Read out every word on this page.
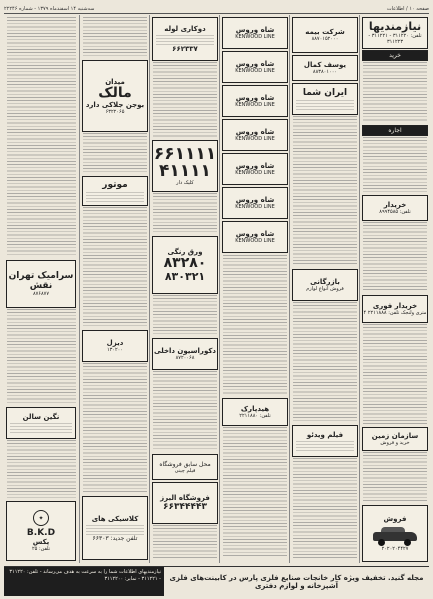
سه‌شنبه ۱۴ اسفندماه ۱۳۷۹ - شماره ۲۲۲۴۶	صفحه ۱۰ / اطلاعات
نیازمندیها
تلفن: ۳۱۱۲۲۰ - ۳۱۱۲۲۱ - ۳۱۱۲۲۳
خرید
اجاره
خریدار
تلفن: ۸۹۹۴۵۸۵
خریدار فوری
۴ متری ولنجک تلفن: ۲۲۱۱۸۸۸
سازمان زمین
خرید و فروش
فروش
۲۰۲۰۲۰۴۴۲۷
شرکت بیمه
۸۸۷۰۱۵۲۰۰۰
یوسف کمال
۸۸۳۸۰۱۰۰۰
ایران شما
بازرگانی
فروش انواع لوازم
فیلم ویدئو
شاه وروس
KENWOOD LINE
شاه وروس
KENWOOD LINE
شاه وروس
KENWOOD LINE
شاه وروس
KENWOOD LINE
شاه وروس
KENWOOD LINE
شاه وروس
KENWOOD LINE
شاه وروس
KENWOOD LINE
هیدپارک
تلفن: ۲۲۱۱۸۸۰
دوکاری لوله
۶۶۲۳۳۷
۶۶۱۱۱۱
۴۱۱۱۱
کلیک دار
ورق رنگی
۸۳۲۸۰
۸۳۰۳۲۱
دکوراسیون داخلی
۸۷۲۰۰۶۸
محل سابق فروشگاه
فیلم چینی
فروشگاه البرز
۶۶۳۴۴۴۴۳
میدان
مالک
بوجن جلاکی دارد
۶۳۲۲۰۶۵
موتور
دیزل
۱۳۰۲۰۰
کلاسیکی های
تلفن جدید: ۶۶۳۰۳
سرامیک تهران نقش
۸۷۶۸۷۷
نگین سالن
✦
B.K.D
پکس
تلفن: ۲۵
نیازمندیهای اطلاعات شما را به سرعت به هدف می‌رساند - تلفن: ۳۱۱۲۲۰ - ۳۱۱۲۲۱ - نمابر: ۳۱۱۲۲۰۰	مجله گنید. تخفیف ویژه کار خانجات صنایع فلزی پارس در کابینت‌های فلزی آشپزخانه و لوازم دفتری
